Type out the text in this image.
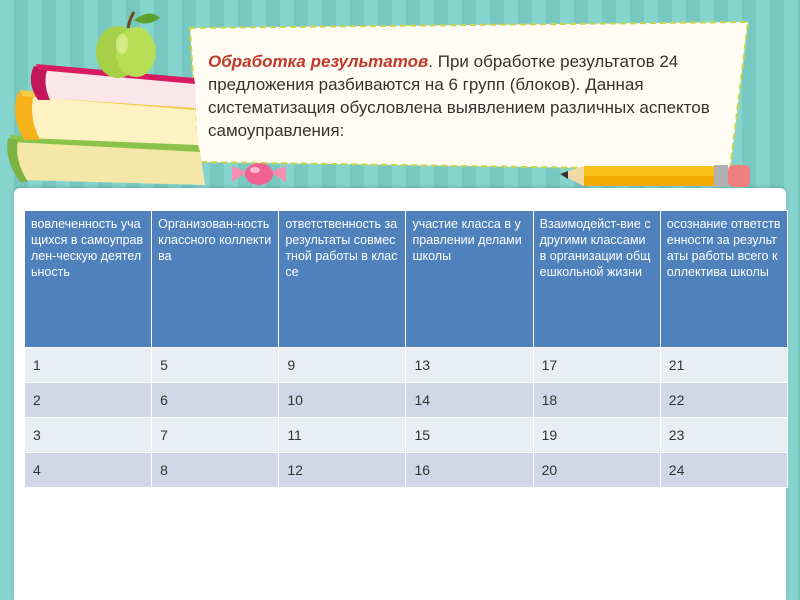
Обработка результатов. При обработке результатов 24 предложения разбиваются на 6 групп (блоков). Данная систематизация обусловлена выявлением различных аспектов самоуправления:
вовлеченность учащихся в самоуправлен-ческую деятельность	Организован-ность классного коллектива	ответственность за результаты совместной работы в классе	участие класса в управлении делами школы	Взаимодейст-вие с другими классами в организации общешкольной жизни	осознание ответственности за результаты работы всего коллектива школы
1	5	9	13	17	21
2	6	10	14	18	22
3	7	11	15	19	23
4	8	12	16	20	24
